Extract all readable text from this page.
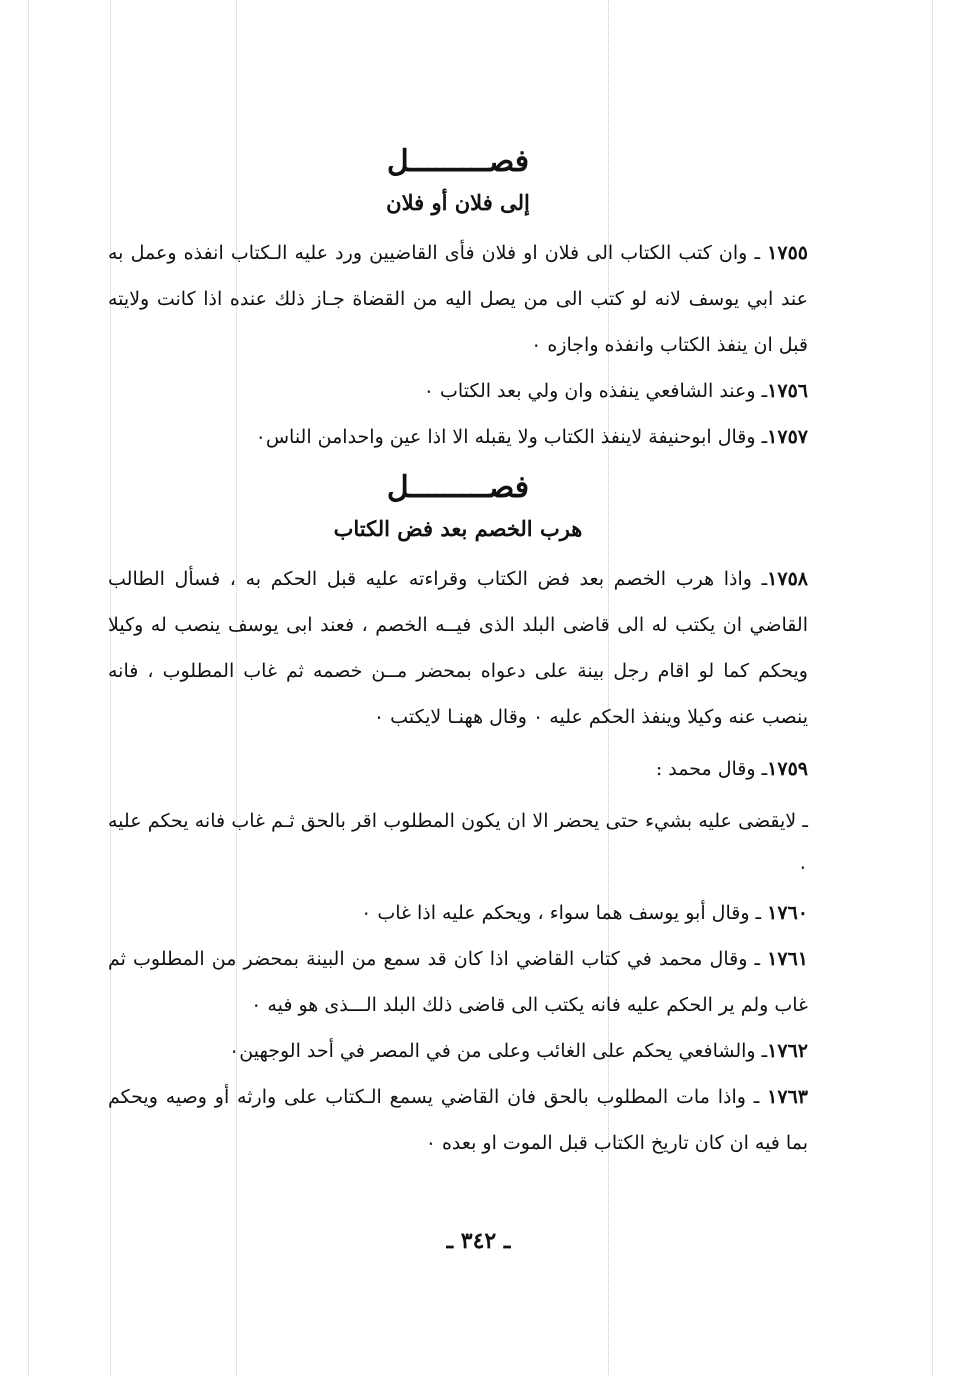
فصـــــــــل
إلى فلان أو فلان

١٧٥٥ ـ وان كتب الكتاب الى فلان او فلان فأى القاضيين ورد عليه الـكتاب انفذه وعمل به عند ابي يوسف لانه لو كتب الى من يصل اليه من القضاة جـاز ذلك عنده اذا كانت ولايته قبل ان ينفذ الكتاب وانفذه واجازه ٠

١٧٥٦ـ وعند الشافعي ينفذه وان ولي بعد الكتاب ٠

١٧٥٧ـ وقال ابوحنيفة لاينفذ الكتاب ولا يقبله الا اذا عين واحدامن الناس٠

فصـــــــــل
هرب الخصم بعد فض الكتاب

١٧٥٨ـ واذا هرب الخصم بعد فض الكتاب وقراءته عليه قبل الحكم به ، فسأل الطالب القاضي ان يكتب له الى قاضى البلد الذى فيــه الخصم ، فعند ابى يوسف ينصب له وكيلا ويحكم كما لو اقام رجل بينة على دعواه بمحضر مــن خصمه ثم غاب المطلوب ، فانه ينصب عنه وكيلا وينفذ الحكم عليه ٠ وقال ههنـا لايكتب ٠

١٧٥٩ـ وقال محمد :

ـ لايقضى عليه بشيء حتى يحضر الا ان يكون المطلوب اقر بالحق ثـم غاب فانه يحكم عليه ٠

١٧٦٠ ـ وقال أبو يوسف هما سواء ، ويحكم عليه اذا غاب ٠

١٧٦١ ـ وقال محمد في كتاب القاضي اذا كان قد سمع من البينة بمحضر من المطلوب ثم غاب ولم ير الحكم عليه فانه يكتب الى قاضى ذلك البلد الـــذى هو فيه ٠

١٧٦٢ـ والشافعي يحكم على الغائب وعلى من في المصر في أحد الوجهين٠

١٧٦٣ ـ واذا مات المطلوب بالحق فان القاضي يسمع الـكتاب على وارثه أو وصيه ويحكم بما فيه ان كان تاريخ الكتاب قبل الموت او بعده ٠

ـ ٣٤٢ ـ
